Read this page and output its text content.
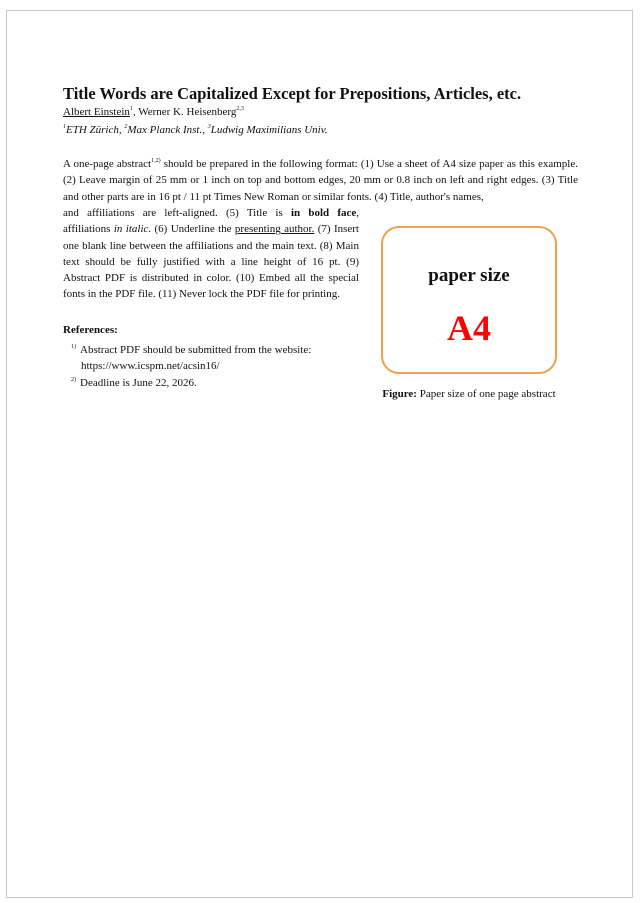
Title Words are Capitalized Except for Prepositions, Articles, etc.
Albert Einstein$^1$, Werner K. Heisenberg$^{2,3}$
$^1$ETH Zürich, $^2$Max Planck Inst., $^3$Ludwig Maximilians Univ.

A one-page abstract$^{1,2)}$ should be prepared in the following format: (1) Use a sheet of A4 size paper as this example. (2) Leave margin of 25 mm or 1 inch on top and bottom edges, 20 mm or 0.8 inch on left and right edges. (3) Title and other parts are in 16 pt / 11 pt Times New Roman or similar fonts. (4) Title, author's names,

and affiliations are left-aligned. (5) Title is in bold face, affiliations in italic. (6) Underline the presenting author. (7) Insert one blank line between the affiliations and the main text. (8) Main text should be fully justified with a line height of 16 pt. (9) Abstract PDF is distributed in color. (10) Embed all the special fonts in the PDF file. (11) Never lock the PDF file for printing.

References:
$^{1)}$ Abstract PDF should be submitted from the website:
https://www.icspm.net/acsin16/
$^{2)}$ Deadline is June 22, 2026.
paper size
A4
Figure: Paper size of one page abstract
